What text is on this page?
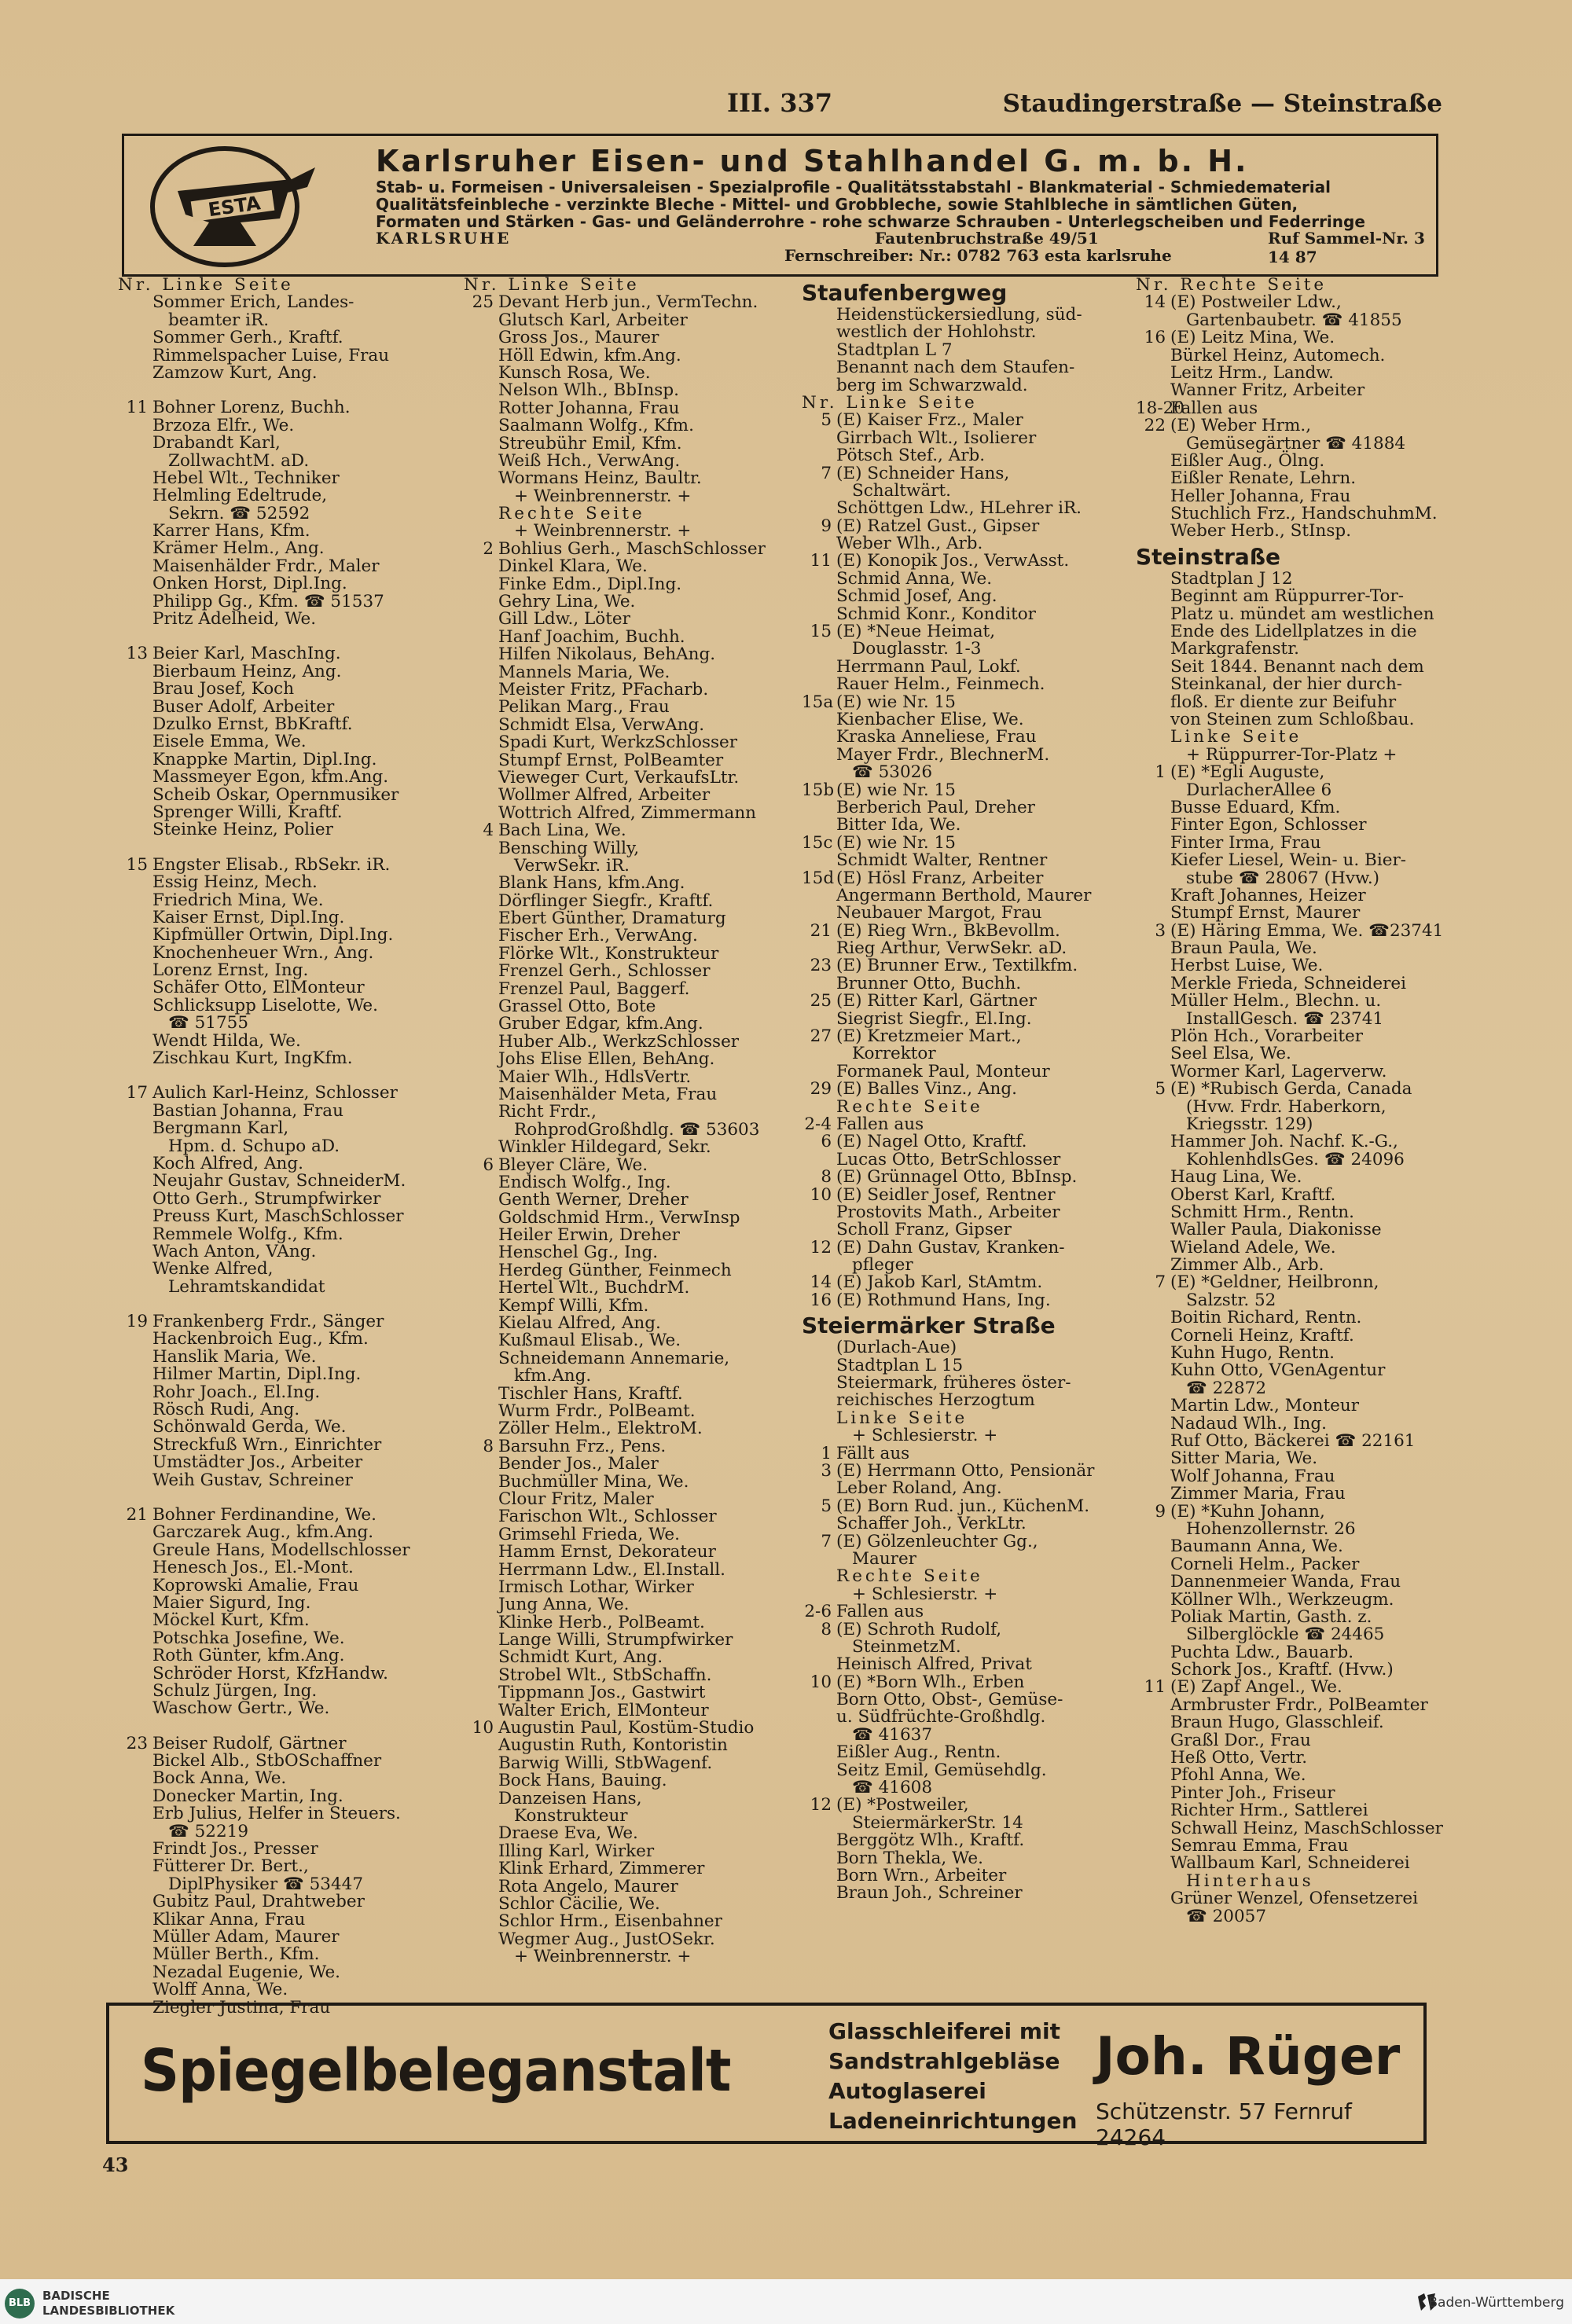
III. 337	Staudingerstraße — Steinstraße
ESTA
Karlsruher Eisen- und Stahlhandel G. m. b. H.
Stab- u. Formeisen - Universaleisen - Spezialprofile - Qualitätsstabstahl - Blankmaterial - Schmiedematerial
Qualitätsfeinbleche - verzinkte Bleche - Mittel- und Grobbleche, sowie Stahlbleche in sämtlichen Güten,
Formaten und Stärken - Gas- und Geländerrohre - rohe schwarze Schrauben - Unterlegscheiben und Federringe
KARLSRUHE	Fautenbruchstraße 49/51	Ruf Sammel-Nr. 3 14 87
Fernschreiber: Nr.: 0782 763 esta karlsruhe
Nr. Linke Seite
Sommer Erich, Landes-
beamter iR.
Sommer Gerh., Kraftf.
Rimmelspacher Luise, Frau
Zamzow Kurt, Ang.
11 Bohner Lorenz, Buchh.
Brzoza Elfr., We.
Drabandt Karl,
ZollwachtM. aD.
Hebel Wlt., Techniker
Helmling Edeltrude,
Sekrn. ☎ 52592
Karrer Hans, Kfm.
Krämer Helm., Ang.
Maisenhälder Frdr., Maler
Onken Horst, Dipl.Ing.
Philipp Gg., Kfm. ☎ 51537
Pritz Adelheid, We.
13 Beier Karl, MaschIng.
Bierbaum Heinz, Ang.
Brau Josef, Koch
Buser Adolf, Arbeiter
Dzulko Ernst, BbKraftf.
Eisele Emma, We.
Knappke Martin, Dipl.Ing.
Massmeyer Egon, kfm.Ang.
Scheib Oskar, Opernmusiker
Sprenger Willi, Kraftf.
Steinke Heinz, Polier
15 Engster Elisab., RbSekr. iR.
Essig Heinz, Mech.
Friedrich Mina, We.
Kaiser Ernst, Dipl.Ing.
Kipfmüller Ortwin, Dipl.Ing.
Knochenheuer Wrn., Ang.
Lorenz Ernst, Ing.
Schäfer Otto, ElMonteur
Schlicksupp Liselotte, We.
☎ 51755
Wendt Hilda, We.
Zischkau Kurt, IngKfm.
17 Aulich Karl-Heinz, Schlosser
Bastian Johanna, Frau
Bergmann Karl,
Hpm. d. Schupo aD.
Koch Alfred, Ang.
Neujahr Gustav, SchneiderM.
Otto Gerh., Strumpfwirker
Preuss Kurt, MaschSchlosser
Remmele Wolfg., Kfm.
Wach Anton, VAng.
Wenke Alfred,
Lehramtskandidat
19 Frankenberg Frdr., Sänger
Hackenbroich Eug., Kfm.
Hanslik Maria, We.
Hilmer Martin, Dipl.Ing.
Rohr Joach., El.Ing.
Rösch Rudi, Ang.
Schönwald Gerda, We.
Streckfuß Wrn., Einrichter
Umstädter Jos., Arbeiter
Weih Gustav, Schreiner
21 Bohner Ferdinandine, We.
Garczarek Aug., kfm.Ang.
Greule Hans, Modellschlosser
Henesch Jos., El.-Mont.
Koprowski Amalie, Frau
Maier Sigurd, Ing.
Möckel Kurt, Kfm.
Potschka Josefine, We.
Roth Günter, kfm.Ang.
Schröder Horst, KfzHandw.
Schulz Jürgen, Ing.
Waschow Gertr., We.
23 Beiser Rudolf, Gärtner
Bickel Alb., StbOSchaffner
Bock Anna, We.
Donecker Martin, Ing.
Erb Julius, Helfer in Steuers.
☎ 52219
Frindt Jos., Presser
Fütterer Dr. Bert.,
DiplPhysiker ☎ 53447
Gubitz Paul, Drahtweber
Klikar Anna, Frau
Müller Adam, Maurer
Müller Berth., Kfm.
Nezadal Eugenie, We.
Wolff Anna, We.
Ziegler Justina, Frau
Nr. Linke Seite
25 Devant Herb jun., VermTechn.
Glutsch Karl, Arbeiter
Gross Jos., Maurer
Höll Edwin, kfm.Ang.
Kunsch Rosa, We.
Nelson Wlh., BbInsp.
Rotter Johanna, Frau
Saalmann Wolfg., Kfm.
Streubühr Emil, Kfm.
Weiß Hch., VerwAng.
Wormans Heinz, Baultr.
+ Weinbrennerstr. +
Rechte Seite
+ Weinbrennerstr. +
2 Bohlius Gerh., MaschSchlosser
Dinkel Klara, We.
Finke Edm., Dipl.Ing.
Gehry Lina, We.
Gill Ldw., Löter
Hanf Joachim, Buchh.
Hilfen Nikolaus, BehAng.
Mannels Maria, We.
Meister Fritz, PFacharb.
Pelikan Marg., Frau
Schmidt Elsa, VerwAng.
Spadi Kurt, WerkzSchlosser
Stumpf Ernst, PolBeamter
Viewegег Curt, VerkaufsLtr.
Wollmer Alfred, Arbeiter
Wottrich Alfred, Zimmermann
4 Bach Lina, We.
Bensching Willy,
VerwSekr. iR.
Blank Hans, kfm.Ang.
Dörflinger Siegfr., Kraftf.
Ebert Günther, Dramaturg
Fischer Erh., VerwAng.
Flörke Wlt., Konstrukteur
Frenzel Gerh., Schlosser
Frenzel Paul, Baggerf.
Grassel Otto, Bote
Gruber Edgar, kfm.Ang.
Huber Alb., WerkzSchlosser
Johs Elise Ellen, BehAng.
Maier Wlh., HdlsVertr.
Maisenhälder Meta, Frau
Richt Frdr.,
RohprodGroßhdlg. ☎ 53603
Winkler Hildegard, Sekr.
6 Bleyer Cläre, We.
Endisch Wolfg., Ing.
Genth Werner, Dreher
Goldschmid Hrm., VerwInsp
Heiler Erwin, Dreher
Henschel Gg., Ing.
Herdeg Günther, Feinmech
Hertel Wlt., BuchdrM.
Kempf Willi, Kfm.
Kielau Alfred, Ang.
Kußmaul Elisab., We.
Schneidemann Annemarie,
kfm.Ang.
Tischler Hans, Kraftf.
Wurm Frdr., PolBeamt.
Zöller Helm., ElektroM.
8 Barsuhn Frz., Pens.
Bender Jos., Maler
Buchmüller Mina, We.
Clour Fritz, Maler
Farischon Wlt., Schlosser
Grimsehl Frieda, We.
Hamm Ernst, Dekorateur
Herrmann Ldw., El.Install.
Irmisch Lothar, Wirker
Jung Anna, We.
Klinke Herb., PolBeamt.
Lange Willi, Strumpfwirker
Schmidt Kurt, Ang.
Strobel Wlt., StbSchaffn.
Tippmann Jos., Gastwirt
Walter Erich, ElMonteur
10 Augustin Paul, Kostüm-Studio
Augustin Ruth, Kontoristin
Barwig Willi, StbWagenf.
Bock Hans, Bauing.
Danzeisen Hans,
Konstrukteur
Draese Eva, We.
Illing Karl, Wirker
Klink Erhard, Zimmerer
Rota Angelo, Maurer
Schlor Cäcilie, We.
Schlor Hrm., Eisenbahner
Wegmer Aug., JustOSekr.
+ Weinbrennerstr. +
Staufenbergweg
Heidenstückersiedlung, süd-
westlich der Hohlohstr.
Stadtplan L 7
Benannt nach dem Staufen-
berg im Schwarzwald.
Nr. Linke Seite
5 (E) Kaiser Frz., Maler
Girrbach Wlt., Isolierer
Pötsch Stef., Arb.
7 (E) Schneider Hans,
Schaltwärt.
Schöttgen Ldw., HLehrer iR.
9 (E) Ratzel Gust., Gipser
Weber Wlh., Arb.
11 (E) Konopik Jos., VerwAsst.
Schmid Anna, We.
Schmid Josef, Ang.
Schmid Konr., Konditor
15 (E) *Neue Heimat,
Douglasstr. 1-3
Herrmann Paul, Lokf.
Rauer Helm., Feinmech.
15a (E) wie Nr. 15
Kienbacher Elise, We.
Kraska Anneliese, Frau
Mayer Frdr., BlechnerM.
☎ 53026
15b (E) wie Nr. 15
Berberich Paul, Dreher
Bitter Ida, We.
15c (E) wie Nr. 15
Schmidt Walter, Rentner
15d (E) Hösl Franz, Arbeiter
Angermann Berthold, Maurer
Neubauer Margot, Frau
21 (E) Rieg Wrn., BkBevollm.
Rieg Arthur, VerwSekr. aD.
23 (E) Brunner Erw., Textilkfm.
Brunner Otto, Buchh.
25 (E) Ritter Karl, Gärtner
Siegrist Siegfr., El.Ing.
27 (E) Kretzmeier Mart.,
Korrektor
Formanek Paul, Monteur
29 (E) Balles Vinz., Ang.
Rechte Seite
2-4 Fallen aus
6 (E) Nagel Otto, Kraftf.
Lucas Otto, BetrSchlosser
8 (E) Grünnagel Otto, BbInsp.
10 (E) Seidler Josef, Rentner
Prostovits Math., Arbeiter
Scholl Franz, Gipser
12 (E) Dahn Gustav, Kranken-
pfleger
14 (E) Jakob Karl, StAmtm.
16 (E) Rothmund Hans, Ing.
Steiermärker Straße
(Durlach-Aue)
Stadtplan L 15
Steiermark, früheres öster-
reichisches Herzogtum
Linke Seite
+ Schlesierstr. +
1 Fällt aus
3 (E) Herrmann Otto, Pensionär
Leber Roland, Ang.
5 (E) Born Rud. jun., KüchenM.
Schaffer Joh., VerkLtr.
7 (E) Gölzenleuchter Gg.,
Maurer
Rechte Seite
+ Schlesierstr. +
2-6 Fallen aus
8 (E) Schroth Rudolf,
SteinmetzM.
Heinisch Alfred, Privat
10 (E) *Born Wlh., Erben
Born Otto, Obst-, Gemüse-
u. Südfrüchte-Großhdlg.
☎ 41637
Eißler Aug., Rentn.
Seitz Emil, Gemüsehdlg.
☎ 41608
12 (E) *Postweiler,
SteiermärkerStr. 14
Berggötz Wlh., Kraftf.
Born Thekla, We.
Born Wrn., Arbeiter
Braun Joh., Schreiner
Nr. Rechte Seite
14 (E) Postweiler Ldw.,
Gartenbaubetr. ☎ 41855
16 (E) Leitz Mina, We.
Bürkel Heinz, Automech.
Leitz Hrm., Landw.
Wanner Fritz, Arbeiter
18-20Fallen aus
22 (E) Weber Hrm.,
Gemüsegärtner ☎ 41884
Eißler Aug., Ölng.
Eißler Renate, Lehrn.
Heller Johanna, Frau
Stuchlich Frz., HandschuhmM.
Weber Herb., StInsp.
Steinstraße
Stadtplan J 12
Beginnt am Rüppurrer-Tor-
Platz u. mündet am westlichen
Ende des Lidellplatzes in die
Markgrafenstr.
Seit 1844. Benannt nach dem
Steinkanal, der hier durch-
floß. Er diente zur Beifuhr
von Steinen zum Schloßbau.
Linke Seite
+ Rüppurrer-Tor-Platz +
1 (E) *Egli Auguste,
DurlacherAllee 6
Busse Eduard, Kfm.
Finter Egon, Schlosser
Finter Irma, Frau
Kiefer Liesel, Wein- u. Bier-
stube ☎ 28067 (Hvw.)
Kraft Johannes, Heizer
Stumpf Ernst, Maurer
3 (E) Häring Emma, We. ☎23741
Braun Paula, We.
Herbst Luise, We.
Merkle Frieda, Schneiderei
Müller Helm., Blechn. u.
InstallGesch. ☎ 23741
Plön Hch., Vorarbeiter
Seel Elsa, We.
Wormer Karl, Lagerverw.
5 (E) *Rubisch Gerda, Canada
(Hvw. Frdr. Haberkorn,
Kriegsstr. 129)
Hammer Joh. Nachf. K.-G.,
KohlenhdlsGes. ☎ 24096
Haug Lina, We.
Oberst Karl, Kraftf.
Schmitt Hrm., Rentn.
Waller Paula, Diakonisse
Wieland Adele, We.
Zimmer Alb., Arb.
7 (E) *Geldner, Heilbronn,
Salzstr. 52
Boitin Richard, Rentn.
Corneli Heinz, Kraftf.
Kuhn Hugo, Rentn.
Kuhn Otto, VGenAgentur
☎ 22872
Martin Ldw., Monteur
Nadaud Wlh., Ing.
Ruf Otto, Bäckerei ☎ 22161
Sitter Maria, We.
Wolf Johanna, Frau
Zimmer Maria, Frau
9 (E) *Kuhn Johann,
Hohenzollernstr. 26
Baumann Anna, We.
Corneli Helm., Packer
Dannenmeier Wanda, Frau
Köllner Wlh., Werkzeugm.
Poliak Martin, Gasth. z.
Silberglöckle ☎ 24465
Puchta Ldw., Bauarb.
Schork Jos., Kraftf. (Hvw.)
11 (E) Zapf Angel., We.
Armbruster Frdr., PolBeamter
Braun Hugo, Glasschleif.
Graßl Dor., Frau
Heß Otto, Vertr.
Pfohl Anna, We.
Pinter Joh., Friseur
Richter Hrm., Sattlerei
Schwall Heinz, MaschSchlosser
Semrau Emma, Frau
Wallbaum Karl, Schneiderei
Hinterhaus
Grüner Wenzel, Ofensetzerei
☎ 20057
Spiegelbeleganstalt
Glasschleiferei mit
Sandstrahlgebläse
Autoglaserei
Ladeneinrichtungen
Joh. Rüger
Schützenstr. 57 Fernruf 24264
43
BLB
BADISCHE
LANDESBIBLIOTHEK	Baden-Württemberg
